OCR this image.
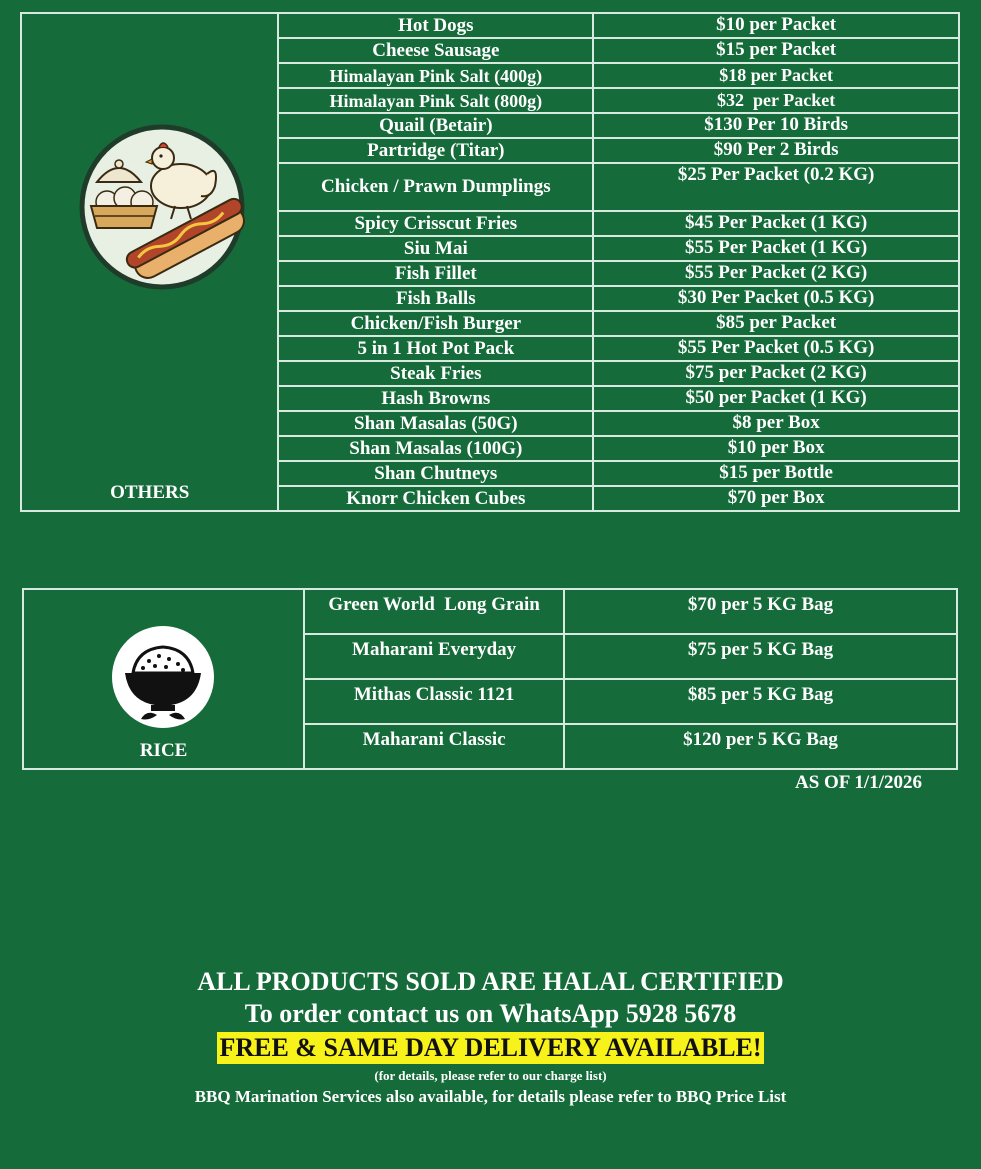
OTHERS	Hot Dogs	$10 per Packet
	Cheese Sausage	$15 per Packet
	Himalayan Pink Salt (400g)	$18 per Packet
	Himalayan Pink Salt (800g)	$32  per Packet
	Quail (Betair)	$130 Per 10 Birds
	Partridge (Titar)	$90 Per 2 Birds
	Chicken / Prawn Dumplings	$25 Per Packet (0.2 KG)
	Spicy Crisscut Fries	$45 Per Packet (1 KG)
	Siu Mai	$55 Per Packet (1 KG)
	Fish Fillet	$55 Per Packet (2 KG)
	Fish Balls	$30 Per Packet (0.5 KG)
	Chicken/Fish Burger	$85 per Packet
	5 in 1 Hot Pot Pack	$55 Per Packet (0.5 KG)
	Steak Fries	$75 per Packet (2 KG)
	Hash Browns	$50 per Packet (1 KG)
	Shan Masalas (50G)	$8 per Box
	Shan Masalas (100G)	$10 per Box
	Shan Chutneys	$15 per Bottle
	Knorr Chicken Cubes	$70 per Box
RICE	Green World  Long Grain	$70 per 5 KG Bag
	Maharani Everyday	$75 per 5 KG Bag
	Mithas Classic 1121	$85 per 5 KG Bag
	Maharani Classic	$120 per 5 KG Bag
AS OF 1/1/2026
ALL PRODUCTS SOLD ARE HALAL CERTIFIED
To order contact us on WhatsApp 5928 5678
FREE & SAME DAY DELIVERY AVAILABLE!
(for details, please refer to our charge list)
BBQ Marination Services also available, for details please refer to BBQ Price List
